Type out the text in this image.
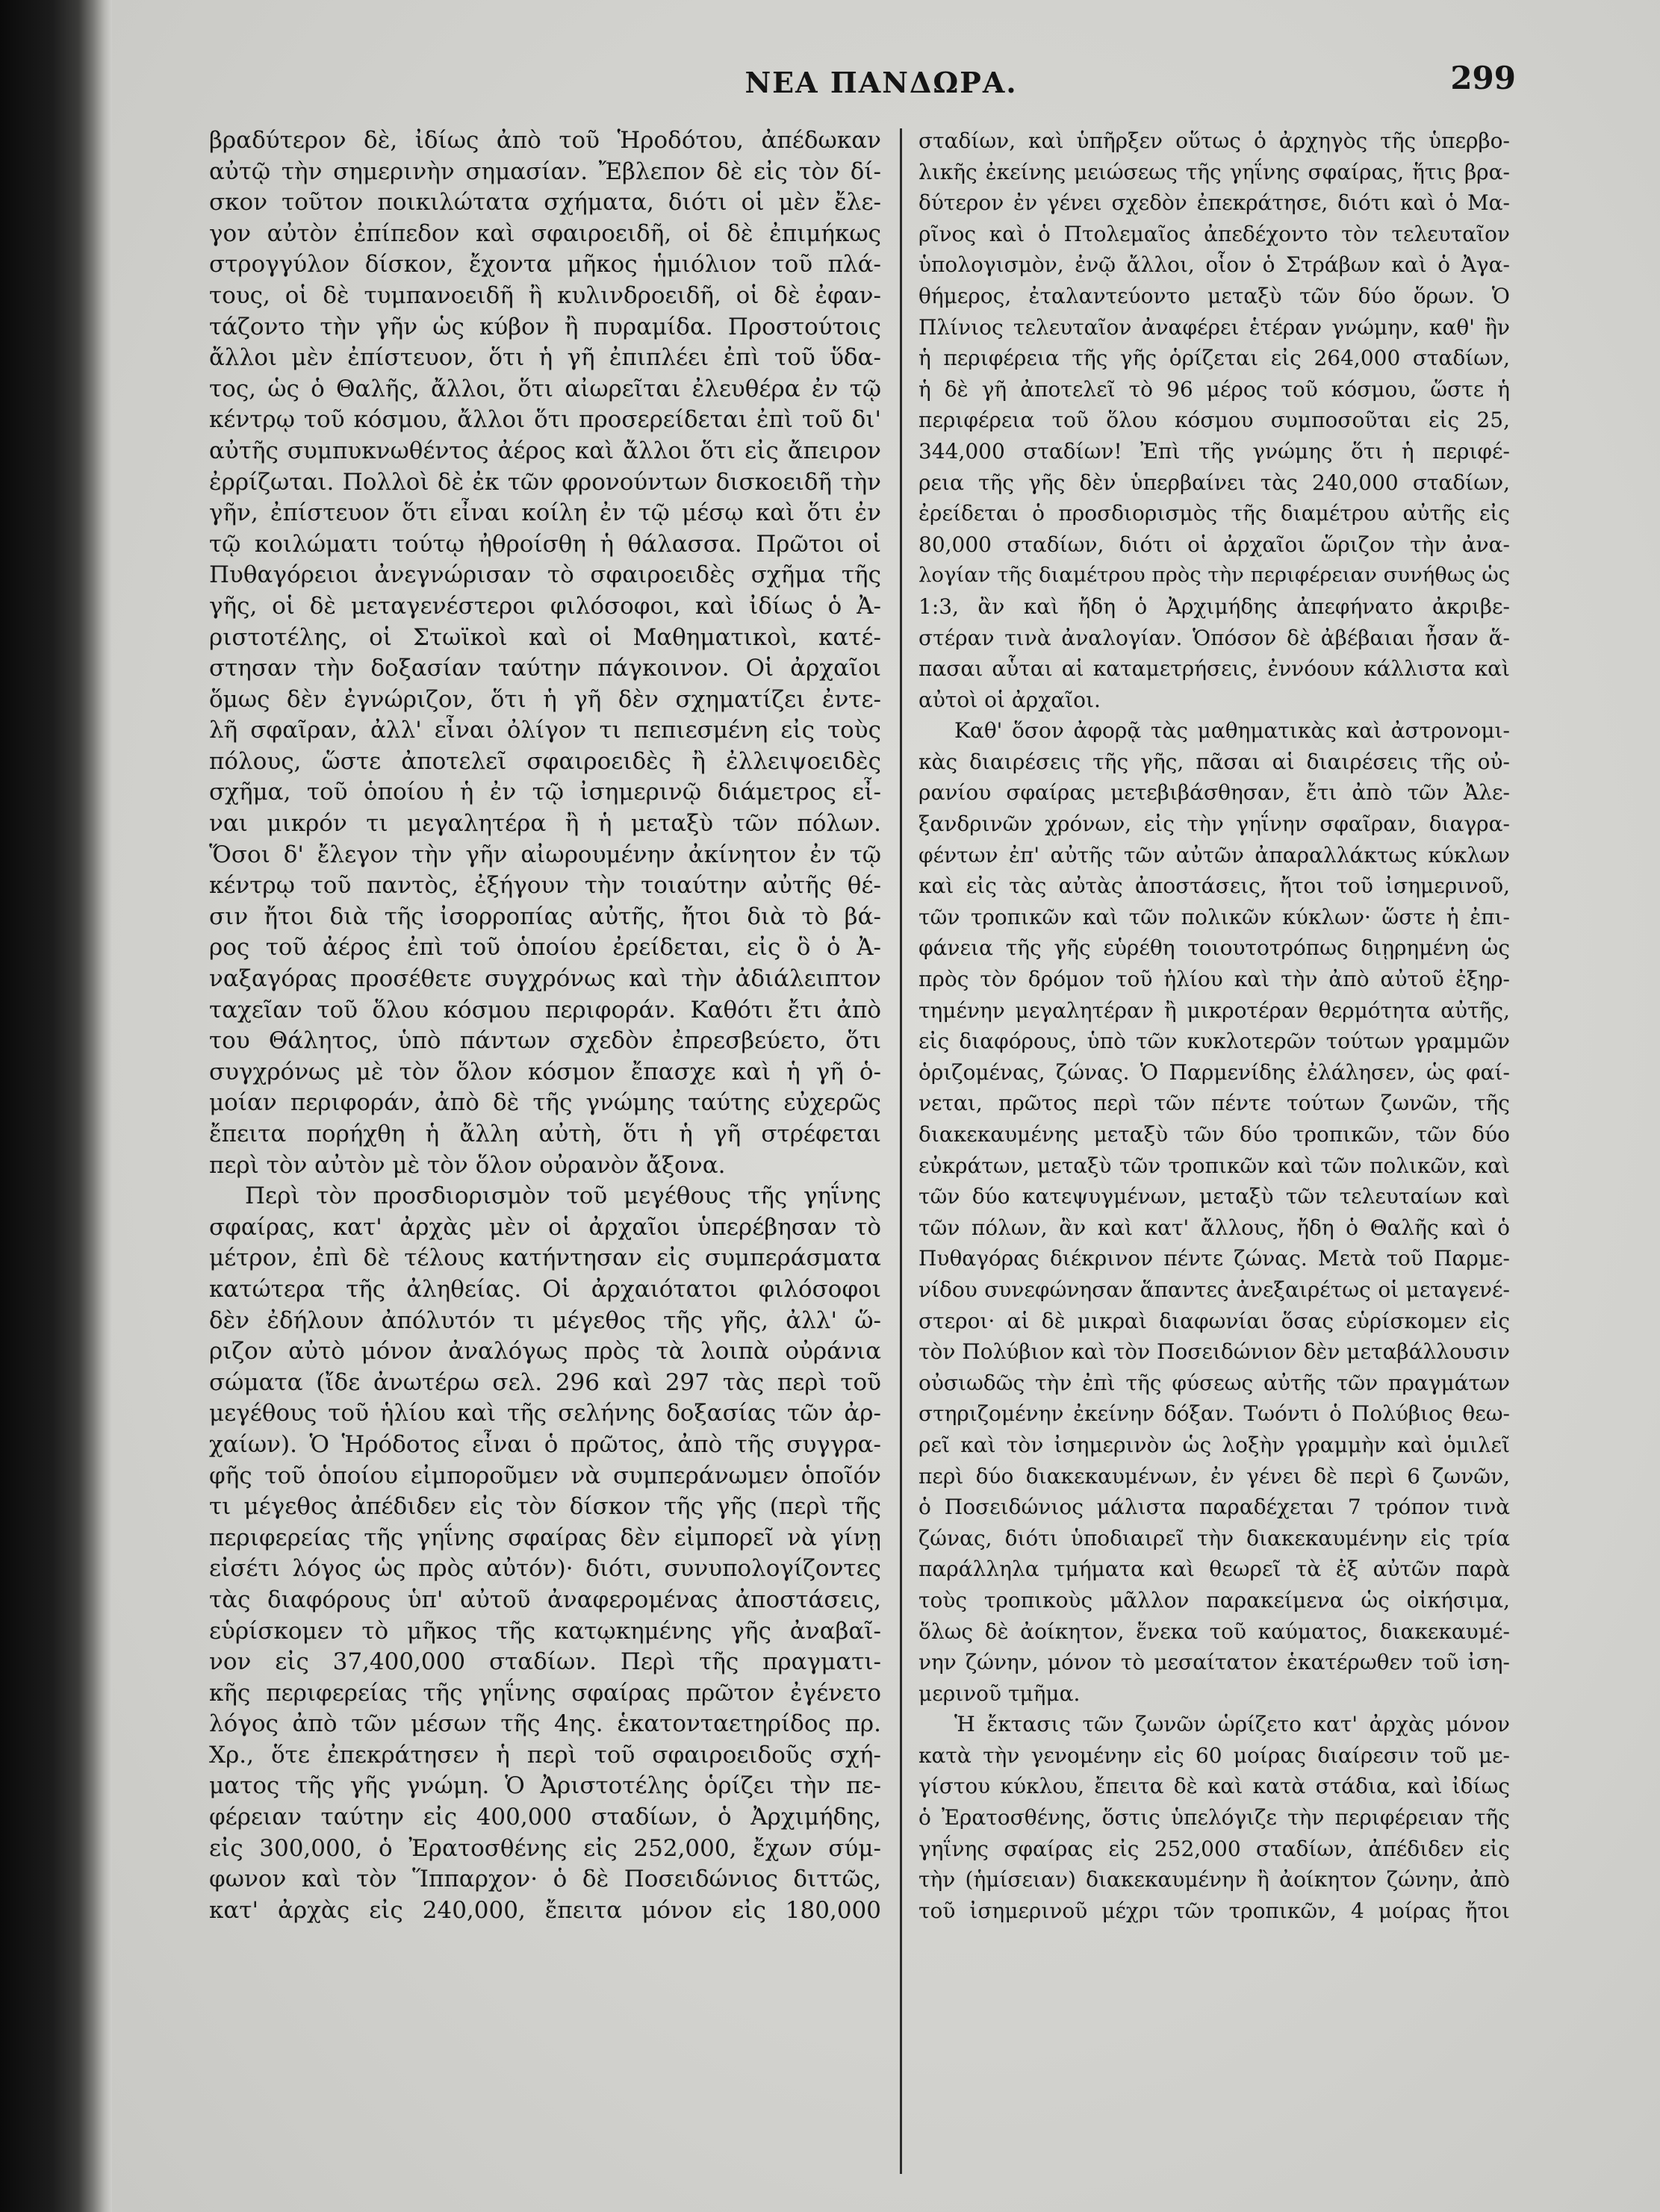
ΝΕΑ ΠΑΝΔΩΡΑ.	299
βραδύτερον δὲ, ἰδίως ἀπὸ τοῦ Ἡροδότου, ἀπέδωκαν
αὐτῷ τὴν σημερινὴν σημασίαν. Ἔβλεπον δὲ εἰς τὸν δί-
σκον τοῦτον ποικιλώτατα σχήματα, διότι οἱ μὲν ἔλε-
γον αὐτὸν ἐπίπεδον καὶ σφαιροειδῆ, οἱ δὲ ἐπιμήκως
στρογγύλον δίσκον, ἔχοντα μῆκος ἡμιόλιον τοῦ πλά-
τους, οἱ δὲ τυμπανοειδῆ ἢ κυλινδροειδῆ, οἱ δὲ ἐφαν-
τάζοντο τὴν γῆν ὡς κύβον ἢ πυραμίδα. Προστούτοις
ἄλλοι μὲν ἐπίστευον, ὅτι ἡ γῆ ἐπιπλέει ἐπὶ τοῦ ὕδα-
τος, ὡς ὁ Θαλῆς, ἄλλοι, ὅτι αἰωρεῖται ἐλευθέρα ἐν τῷ
κέντρῳ τοῦ κόσμου, ἄλλοι ὅτι προσερείδεται ἐπὶ τοῦ δι'
αὐτῆς συμπυκνωθέντος ἀέρος καὶ ἄλλοι ὅτι εἰς ἄπειρον
ἐρρίζωται. Πολλοὶ δὲ ἐκ τῶν φρονούντων δισκοειδῆ τὴν
γῆν, ἐπίστευον ὅτι εἶναι κοίλη ἐν τῷ μέσῳ καὶ ὅτι ἐν
τῷ κοιλώματι τούτῳ ἠθροίσθη ἡ θάλασσα. Πρῶτοι οἱ
Πυθαγόρειοι ἀνεγνώρισαν τὸ σφαιροειδὲς σχῆμα τῆς
γῆς, οἱ δὲ μεταγενέστεροι φιλόσοφοι, καὶ ἰδίως ὁ Ἀ-
ριστοτέλης, οἱ Στωϊκοὶ καὶ οἱ Μαθηματικοὶ, κατέ-
στησαν τὴν δοξασίαν ταύτην πάγκοινον. Οἱ ἀρχαῖοι
ὅμως δὲν ἐγνώριζον, ὅτι ἡ γῆ δὲν σχηματίζει ἐντε-
λῆ σφαῖραν, ἀλλ' εἶναι ὀλίγον τι πεπιεσμένη εἰς τοὺς
πόλους, ὥστε ἀποτελεῖ σφαιροειδὲς ἢ ἐλλειψοειδὲς
σχῆμα, τοῦ ὁποίου ἡ ἐν τῷ ἰσημερινῷ διάμετρος εἶ-
ναι μικρόν τι μεγαλητέρα ἢ ἡ μεταξὺ τῶν πόλων.
Ὅσοι δ' ἔλεγον τὴν γῆν αἰωρουμένην ἀκίνητον ἐν τῷ
κέντρῳ τοῦ παντὸς, ἐξήγουν τὴν τοιαύτην αὐτῆς θέ-
σιν ἤτοι διὰ τῆς ἰσορροπίας αὐτῆς, ἤτοι διὰ τὸ βά-
ρος τοῦ ἀέρος ἐπὶ τοῦ ὁποίου ἐρείδεται, εἰς ὃ ὁ Ἀ-
ναξαγόρας προσέθετε συγχρόνως καὶ τὴν ἀδιάλειπτον
ταχεῖαν τοῦ ὅλου κόσμου περιφοράν. Καθότι ἔτι ἀπὸ
του Θάλητος, ὑπὸ πάντων σχεδὸν ἐπρεσβεύετο, ὅτι
συγχρόνως μὲ τὸν ὅλον κόσμον ἔπασχε καὶ ἡ γῆ ὁ-
μοίαν περιφοράν, ἀπὸ δὲ τῆς γνώμης ταύτης εὐχερῶς
ἔπειτα πορήχθη ἡ ἄλλη αὐτὴ, ὅτι ἡ γῆ στρέφεται
περὶ τὸν αὐτὸν μὲ τὸν ὅλον οὐρανὸν ἄξονα.
Περὶ τὸν προσδιορισμὸν τοῦ μεγέθους τῆς γηΐνης
σφαίρας, κατ' ἀρχὰς μὲν οἱ ἀρχαῖοι ὑπερέβησαν τὸ
μέτρον, ἐπὶ δὲ τέλους κατήντησαν εἰς συμπεράσματα
κατώτερα τῆς ἀληθείας. Οἱ ἀρχαιότατοι φιλόσοφοι
δὲν ἐδήλουν ἀπόλυτόν τι μέγεθος τῆς γῆς, ἀλλ' ὥ-
ριζον αὐτὸ μόνον ἀναλόγως πρὸς τὰ λοιπὰ οὐράνια
σώματα (ἴδε ἀνωτέρω σελ. 296 καὶ 297 τὰς περὶ τοῦ
μεγέθους τοῦ ἡλίου καὶ τῆς σελήνης δοξασίας τῶν ἀρ-
χαίων). Ὁ Ἡρόδοτος εἶναι ὁ πρῶτος, ἀπὸ τῆς συγγρα-
φῆς τοῦ ὁποίου εἰμποροῦμεν νὰ συμπεράνωμεν ὁποῖόν
τι μέγεθος ἀπέδιδεν εἰς τὸν δίσκον τῆς γῆς (περὶ τῆς
περιφερείας τῆς γηΐνης σφαίρας δὲν εἰμπορεῖ νὰ γίνῃ
εἰσέτι λόγος ὡς πρὸς αὐτόν)· διότι, συνυπολογίζοντες
τὰς διαφόρους ὑπ' αὐτοῦ ἀναφερομένας ἀποστάσεις,
εὑρίσκομεν τὸ μῆκος τῆς κατῳκημένης γῆς ἀναβαῖ-
νον εἰς 37,400,000 σταδίων. Περὶ τῆς πραγματι-
κῆς περιφερείας τῆς γηΐνης σφαίρας πρῶτον ἐγένετο
λόγος ἀπὸ τῶν μέσων τῆς 4ης. ἑκατονταετηρίδος πρ.
Χρ., ὅτε ἐπεκράτησεν ἡ περὶ τοῦ σφαιροειδοῦς σχή-
ματος τῆς γῆς γνώμη. Ὁ Ἀριστοτέλης ὁρίζει τὴν πε-
φέρειαν ταύτην εἰς 400,000 σταδίων, ὁ Ἀρχιμήδης,
εἰς 300,000, ὁ Ἐρατοσθένης εἰς 252,000, ἔχων σύμ-
φωνον καὶ τὸν Ἵππαρχον· ὁ δὲ Ποσειδώνιος διττῶς,
κατ' ἀρχὰς εἰς 240,000, ἔπειτα μόνον εἰς 180,000
σταδίων, καὶ ὑπῆρξεν οὕτως ὁ ἀρχηγὸς τῆς ὑπερβο-
λικῆς ἐκείνης μειώσεως τῆς γηΐνης σφαίρας, ἥτις βρα-
δύτερον ἐν γένει σχεδὸν ἐπεκράτησε, διότι καὶ ὁ Μα-
ρῖνος καὶ ὁ Πτολεμαῖος ἀπεδέχοντο τὸν τελευταῖον
ὑπολογισμὸν, ἐνῷ ἄλλοι, οἷον ὁ Στράβων καὶ ὁ Ἀγα-
θήμερος, ἐταλαντεύοντο μεταξὺ τῶν δύο ὅρων. Ὁ
Πλίνιος τελευταῖον ἀναφέρει ἑτέραν γνώμην, καθ' ἣν
ἡ περιφέρεια τῆς γῆς ὁρίζεται εἰς 264,000 σταδίων,
ἡ δὲ γῆ ἀποτελεῖ τὸ 96 μέρος τοῦ κόσμου, ὥστε ἡ
περιφέρεια τοῦ ὅλου κόσμου συμποσοῦται εἰς 25,
344,000 σταδίων! Ἐπὶ τῆς γνώμης ὅτι ἡ περιφέ-
ρεια τῆς γῆς δὲν ὑπερβαίνει τὰς 240,000 σταδίων,
ἐρείδεται ὁ προσδιορισμὸς τῆς διαμέτρου αὐτῆς εἰς
80,000 σταδίων, διότι οἱ ἀρχαῖοι ὥριζον τὴν ἀνα-
λογίαν τῆς διαμέτρου πρὸς τὴν περιφέρειαν συνήθως ὡς
1:3, ἂν καὶ ἤδη ὁ Ἀρχιμήδης ἀπεφήνατο ἀκριβε-
στέραν τινὰ ἀναλογίαν. Ὁπόσον δὲ ἀβέβαιαι ἦσαν ἅ-
πασαι αὗται αἱ καταμετρήσεις, ἐννόουν κάλλιστα καὶ
αὐτοὶ οἱ ἀρχαῖοι.
Καθ' ὅσον ἀφορᾷ τὰς μαθηματικὰς καὶ ἀστρονομι-
κὰς διαιρέσεις τῆς γῆς, πᾶσαι αἱ διαιρέσεις τῆς οὐ-
ρανίου σφαίρας μετεβιβάσθησαν, ἔτι ἀπὸ τῶν Ἀλε-
ξανδρινῶν χρόνων, εἰς τὴν γηΐνην σφαῖραν, διαγρα-
φέντων ἐπ' αὐτῆς τῶν αὐτῶν ἀπαραλλάκτως κύκλων
καὶ εἰς τὰς αὐτὰς ἀποστάσεις, ἤτοι τοῦ ἰσημερινοῦ,
τῶν τροπικῶν καὶ τῶν πολικῶν κύκλων· ὥστε ἡ ἐπι-
φάνεια τῆς γῆς εὑρέθη τοιουτοτρόπως διῃρημένη ὡς
πρὸς τὸν δρόμον τοῦ ἡλίου καὶ τὴν ἀπὸ αὐτοῦ ἐξηρ-
τημένην μεγαλητέραν ἢ μικροτέραν θερμότητα αὐτῆς,
εἰς διαφόρους, ὑπὸ τῶν κυκλοτερῶν τούτων γραμμῶν
ὁριζομένας, ζώνας. Ὁ Παρμενίδης ἐλάλησεν, ὡς φαί-
νεται, πρῶτος περὶ τῶν πέντε τούτων ζωνῶν, τῆς
διακεκαυμένης μεταξὺ τῶν δύο τροπικῶν, τῶν δύο
εὐκράτων, μεταξὺ τῶν τροπικῶν καὶ τῶν πολικῶν, καὶ
τῶν δύο κατεψυγμένων, μεταξὺ τῶν τελευταίων καὶ
τῶν πόλων, ἂν καὶ κατ' ἄλλους, ἤδη ὁ Θαλῆς καὶ ὁ
Πυθαγόρας διέκρινον πέντε ζώνας. Μετὰ τοῦ Παρμε-
νίδου συνεφώνησαν ἅπαντες ἀνεξαιρέτως οἱ μεταγενέ-
στεροι· αἱ δὲ μικραὶ διαφωνίαι ὅσας εὑρίσκομεν εἰς
τὸν Πολύβιον καὶ τὸν Ποσειδώνιον δὲν μεταβάλλουσιν
οὐσιωδῶς τὴν ἐπὶ τῆς φύσεως αὐτῆς τῶν πραγμάτων
στηριζομένην ἐκείνην δόξαν. Τωόντι ὁ Πολύβιος θεω-
ρεῖ καὶ τὸν ἰσημερινὸν ὡς λοξὴν γραμμὴν καὶ ὁμιλεῖ
περὶ δύο διακεκαυμένων, ἐν γένει δὲ περὶ 6 ζωνῶν,
ὁ Ποσειδώνιος μάλιστα παραδέχεται 7 τρόπον τινὰ
ζώνας, διότι ὑποδιαιρεῖ τὴν διακεκαυμένην εἰς τρία
παράλληλα τμήματα καὶ θεωρεῖ τὰ ἐξ αὐτῶν παρὰ
τοὺς τροπικοὺς μᾶλλον παρακείμενα ὡς οἰκήσιμα,
ὅλως δὲ ἀοίκητον, ἕνεκα τοῦ καύματος, διακεκαυμέ-
νην ζώνην, μόνον τὸ μεσαίτατον ἑκατέρωθεν τοῦ ἰση-
μερινοῦ τμῆμα.
Ἡ ἔκτασις τῶν ζωνῶν ὡρίζετο κατ' ἀρχὰς μόνον
κατὰ τὴν γενομένην εἰς 60 μοίρας διαίρεσιν τοῦ με-
γίστου κύκλου, ἔπειτα δὲ καὶ κατὰ στάδια, καὶ ἰδίως
ὁ Ἐρατοσθένης, ὅστις ὑπελόγιζε τὴν περιφέρειαν τῆς
γηΐνης σφαίρας εἰς 252,000 σταδίων, ἀπέδιδεν εἰς
τὴν (ἡμίσειαν) διακεκαυμένην ἢ ἀοίκητον ζώνην, ἀπὸ
τοῦ ἰσημερινοῦ μέχρι τῶν τροπικῶν, 4 μοίρας ἤτοι
